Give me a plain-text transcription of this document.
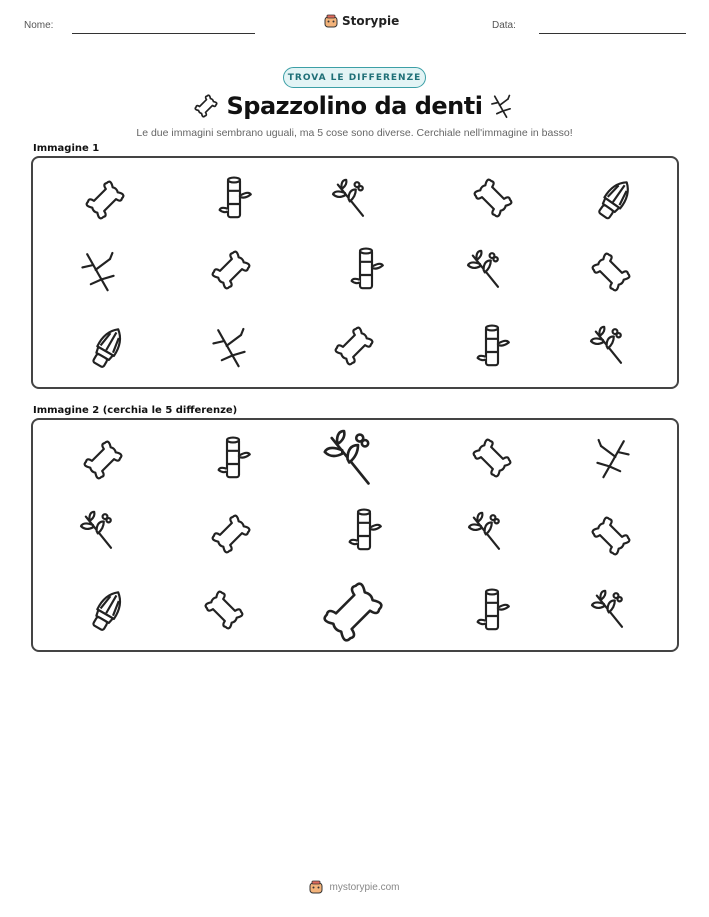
Nome:	Storypie	Data:
TROVA LE DIFFERENZE
Spazzolino da denti
Le due immagini sembrano uguali, ma 5 cose sono diverse. Cerchiale nell'immagine in basso!
Immagine 1
Immagine 2 (cerchia le 5 differenze)
mystorypie.com
